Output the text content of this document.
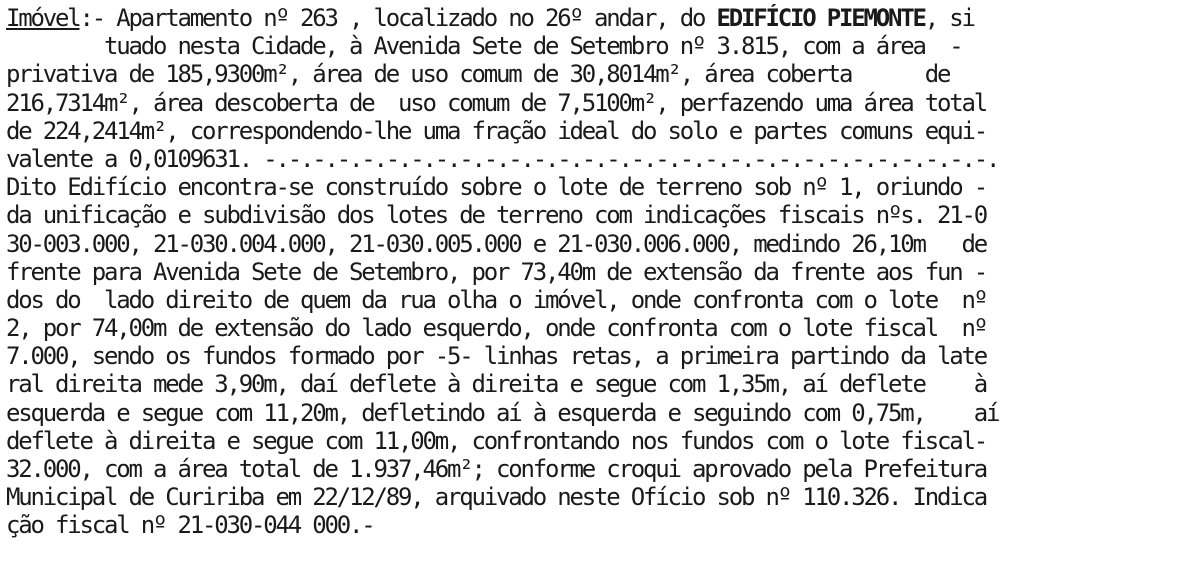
Imóvel:- Apartamento nº 263 , localizado no 26º andar, do EDIFÍCIO PIEMONTE, si
tuado nesta Cidade, à Avenida Sete de Setembro nº 3.815, com a área  -
privativa de 185,9300m², área de uso comum de 30,8014m², área coberta      de
216,7314m², área descoberta de  uso comum de 7,5100m², perfazendo uma área total
de 224,2414m², correspondendo-lhe uma fração ideal do solo e partes comuns equi-
valente a 0,0109631. -.-.-.-.-.-.-.-.-.-.-.-.-.-.-.-.-.-.-.-.-.-.-.-.-.-.-.-.-.-.
Dito Edifício encontra-se construído sobre o lote de terreno sob nº 1, oriundo -
da unificação e subdivisão dos lotes de terreno com indicações fiscais nºs. 21-0
30-003.000, 21-030.004.000, 21-030.005.000 e 21-030.006.000, medindo 26,10m   de
frente para Avenida Sete de Setembro, por 73,40m de extensão da frente aos fun -
dos do  lado direito de quem da rua olha o imóvel, onde confronta com o lote  nº
2, por 74,00m de extensão do lado esquerdo, onde confronta com o lote fiscal  nº
7.000, sendo os fundos formado por -5- linhas retas, a primeira partindo da late
ral direita mede 3,90m, daí deflete à direita e segue com 1,35m, aí deflete    à
esquerda e segue com 11,20m, defletindo aí à esquerda e seguindo com 0,75m,    aí
deflete à direita e segue com 11,00m, confrontando nos fundos com o lote fiscal-
32.000, com a área total de 1.937,46m²; conforme croqui aprovado pela Prefeitura
Municipal de Cuririba em 22/12/89, arquivado neste Ofício sob nº 110.326. Indica
ção fiscal nº 21-030-044 000.-
